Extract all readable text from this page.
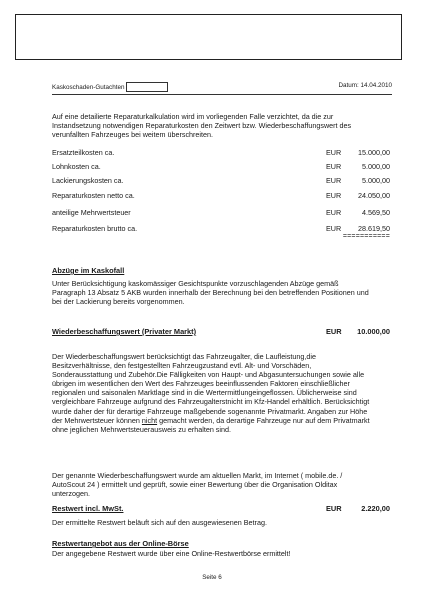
Kaskoschaden-Gutachten	Datum: 14.04.2010
Auf eine detailierte Reparaturkalkulation wird im vorliegenden Falle verzichtet, da die zur Instandsetzung notwendigen Reparaturkosten den Zeitwert bzw. Wiederbeschaffungswert des verunfallten Fahrzeuges bei weitem überschreiten.
Ersatzteilkosten ca.	EUR 15.000,00
Lohnkosten ca.	EUR	5.000,00
Lackierungskosten ca.	EUR	5.000,00
Reparaturkosten netto ca.	EUR 24.050,00
anteilige Mehrwertsteuer	EUR	4.569,50
Reparaturkosten brutto ca.	EUR 28.619,50
===========
Abzüge im Kaskofall
Unter Berücksichtigung kaskomässiger Gesichtspunkte vorzuschlagenden Abzüge gemäß Paragraph 13 Absatz 5 AKB wurden innerhalb der Berechnung bei den betreffenden Positionen und bei der Lackierung bereits vorgenommen.
Wiederbeschaffungswert (Privater Markt)	EUR 10.000,00
Der Wiederbeschaffungswert berücksichtigt das Fahrzeugalter, die Laufleistung,die Besitzverhältnisse, den festgestellten Fahrzeugzustand evtl. Alt- und Vorschäden, Sonderausstattung und Zubehör.Die Fälligkeiten von Haupt- und Abgasuntersuchungen sowie alle übrigen im wesentlichen den Wert des Fahrzeuges beeinflussenden Faktoren einschließlicher regionalen und saisonalen Marktlage sind in die Wertermittlungeingeflossen. Üblicherweise sind vergleichbare Fahrzeuge aufgrund des Fahrzeugalterstnicht im Kfz-Handel erhältlich. Berücksichtigt wurde daher der für derartige Fahrzeuge maßgebende sogenannte Privatmarkt. Angaben zur Höhe der Mehrwertsteuer können nicht gemacht werden, da derartige Fahrzeuge nur auf dem Privatmarkt ohne jeglichen Mehrwertsteuerausweis zu erhalten sind.
Der genannte Wiederbeschaffungswert wurde am aktuellen Markt, im Internet ( mobile.de. / AutoScout 24 ) ermittelt und geprüft, sowie einer Bewertung über die Organisation Olditax unterzogen.
Restwert incl. MwSt.	EUR	2.220,00
Der ermittelte Restwert beläuft sich auf den ausgewiesenen Betrag.
Restwertangebot aus der Online-Börse
Der angegebene Restwert wurde über eine Online-Restwertbörse ermittelt!
Seite 6
